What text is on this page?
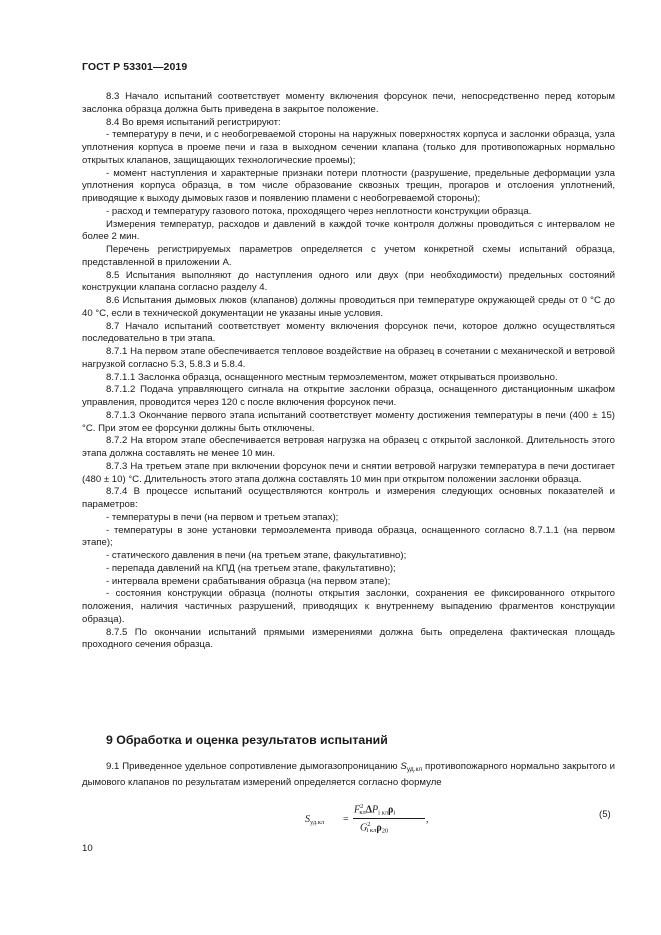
ГОСТ Р 53301—2019

8.3 Начало испытаний соответствует моменту включения форсунок печи, непосредственно перед которым заслонка образца должна быть приведена в закрытое положение.

8.4 Во время испытаний регистрируют:

- температуру в печи, и с необогреваемой стороны на наружных поверхностях корпуса и заслонки образца, узла уплотнения корпуса в проеме печи и газа в выходном сечении клапана (только для противопожарных нормально открытых клапанов, защищающих технологические проемы);

- момент наступления и характерные признаки потери плотности (разрушение, предельные деформации узла уплотнения корпуса образца, в том числе образование сквозных трещин, прогаров и отслоения уплотнений, приводящие к выходу дымовых газов и появлению пламени с необогреваемой стороны);

- расход и температуру газового потока, проходящего через неплотности конструкции образца.

Измерения температур, расходов и давлений в каждой точке контроля должны проводиться с интервалом не более 2 мин.

Перечень регистрируемых параметров определяется с учетом конкретной схемы испытаний образца, представленной в приложении А.

8.5 Испытания выполняют до наступления одного или двух (при необходимости) предельных состояний конструкции клапана согласно разделу 4.

8.6 Испытания дымовых люков (клапанов) должны проводиться при температуре окружающей среды от 0 °С до 40 °С, если в технической документации не указаны иные условия.

8.7 Начало испытаний соответствует моменту включения форсунок печи, которое должно осуществляться последовательно в три этапа.

8.7.1 На первом этапе обеспечивается тепловое воздействие на образец в сочетании с механической и ветровой нагрузкой согласно 5.3, 5.8.3 и 5.8.4.

8.7.1.1 Заслонка образца, оснащенного местным термоэлементом, может открываться произвольно.

8.7.1.2 Подача управляющего сигнала на открытие заслонки образца, оснащенного дистанционным шкафом управления, проводится через 120 с после включения форсунок печи.

8.7.1.3 Окончание первого этапа испытаний соответствует моменту достижения температуры в печи (400 ± 15) °С. При этом ее форсунки должны быть отключены.

8.7.2 На втором этапе обеспечивается ветровая нагрузка на образец с открытой заслонкой. Длительность этого этапа должна составлять не менее 10 мин.

8.7.3 На третьем этапе при включении форсунок печи и снятии ветровой нагрузки температура в печи достигает (480 ± 10) °С. Длительность этого этапа должна составлять 10 мин при открытом положении заслонки образца.

8.7.4 В процессе испытаний осуществляются контроль и измерения следующих основных показателей и параметров:

- температуры в печи (на первом и третьем этапах);

- температуры в зоне установки термоэлемента привода образца, оснащенного согласно 8.7.1.1 (на первом этапе);

- статического давления в печи (на третьем этапе, факультативно);

- перепада давлений на КПД (на третьем этапе, факультативно);

- интервала времени срабатывания образца (на первом этапе);

- состояния конструкции образца (полноты открытия заслонки, сохранения ее фиксированного открытого положения, наличия частичных разрушений, приводящих к внутреннему выпадению фрагментов конструкции образца).

8.7.5 По окончании испытаний прямыми измерениями должна быть определена фактическая площадь проходного сечения образца.

9 Обработка и оценка результатов испытаний

9.1 Приведенное удельное сопротивление дымогазопроницанию $S_{уд.кл}$ противопожарного нормально закрытого и дымового клапанов по результатам измерений определяется согласно формуле

$S_{уд.кл}$ =
$F^2_{кл}\Delta P_{i кл}\rho_i$
$G^2_{i кл}\rho_{20}$
,	(5)
10
